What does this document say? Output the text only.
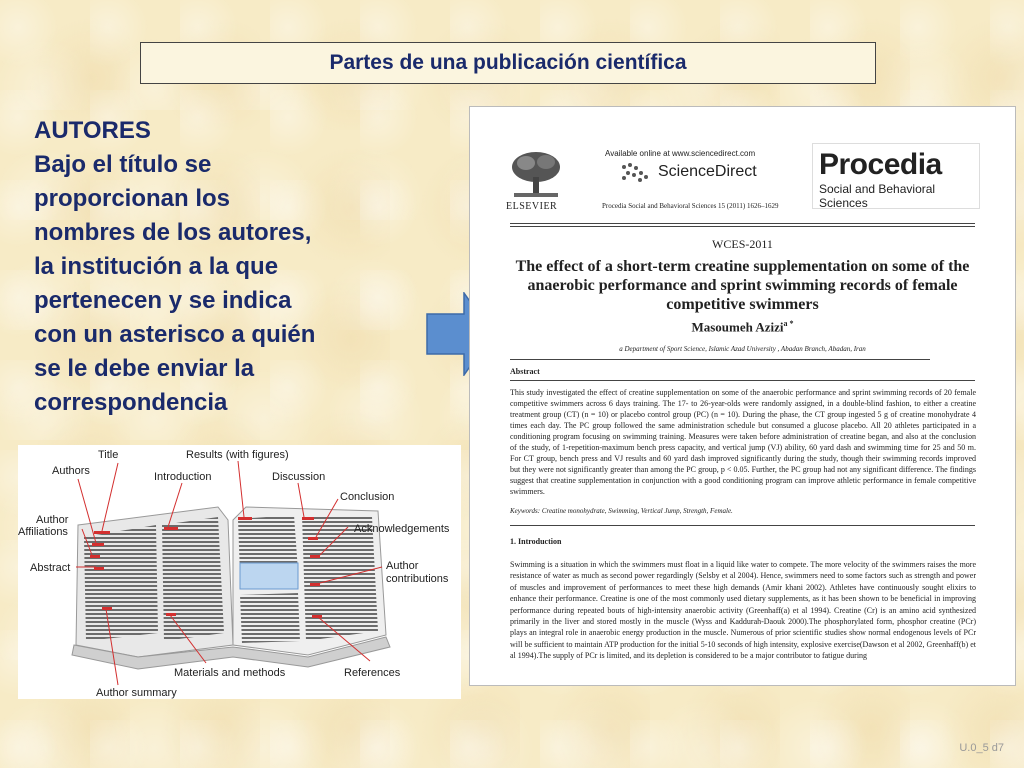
Partes de una publicación científica
AUTORES
Bajo el título se
proporcionan los
nombres de los autores,
la institución a la que
pertenecen y se indica
con un asterisco a quién
se le debe enviar la
correspondencia
ELSEVIER
Available online at www.sciencedirect.com
ScienceDirect
Procedia Social and Behavioral Sciences 15 (2011) 1626–1629
Procedia
Social and Behavioral Sciences
WCES-2011
The effect of a short-term creatine supplementation on some of the anaerobic performance and sprint swimming records of female competitive swimmers
Masoumeh Azizi$^{a *}$
a Department of Sport Science, Islamic Azad University , Abadan Branch, Abadan, Iran
Abstract
This study investigated the effect of creatine supplementation on some of the anaerobic performance and sprint swimming records of 20 female competitive swimmers across 6 days training. The 17- to 26-year-olds were randomly assigned, in a double-blind fashion, to either a creatine treatment group (CT) (n = 10) or placebo control group (PC) (n = 10). During the phase, the CT group ingested 5 g of creatine monohydrate 4 times each day. The PC group followed the same administration schedule but consumed a glucose placebo. All 20 athletes participated in a conditioning program focusing on swimming training. Measures were taken before administration of creatine began, and also at the conclusion of the study, of 1-repetition-maximum bench press capacity, and vertical jump (VJ) ability, 60 yard dash and swimming time for 25 and 50 m. For CT group, bench press and VJ results and 60 yard dash improved significantly during the study, though their swimming records improved but they were not significantly greater than among the PC group, p < 0.05. Further, the PC group had not any significant difference. The findings suggest that creatine supplementation in conjunction with a good conditioning program can improve athletic performance in female competitive swimmers.
Keywords: Creatine monohydrate, Swimming, Vertical Jump, Strength, Female.
1. Introduction
Swimming is a situation in which the swimmers must float in a liquid like water to compete. The more velocity of the swimmers raises the more resistance of water as much as second power regardingly (Selsby et al 2004). Hence, swimmers need to some factors such as strength and power of muscles and improvement of performances to meet these high demands (Amir khani 2002). Athletes have continuously sought elixirs to enhance their performance. Creatine is one of the most commonly used dietary supplements, as it has been shown to be beneficial in improving performance during repeated bouts of high-intensity anaerobic activity (Greenhaff(a) et al 1994). Creatine (Cr) is an amino acid synthesized primarily in the liver and stored mostly in the muscle (Wyss and Kaddurah-Daouk 2000).The phosphorylated form, phosphor creatine (PCr) plays an integral role in anaerobic energy production in the muscle. Numerous of prior scientific studies show normal endogenous levels of PCr will be sufficient to maintain ATP production for the initial 5-10 seconds of high intensity, explosive exercise(Dawson et al 2002, Greenhaff(b) et al 1994).The supply of PCr is limited, and its depletion is considered to be a major contributor to fatigue during
Title
Authors
Author
Affiliations
Abstract
Introduction
Results (with figures)
Discussion
Conclusion
Acknowledgements
Author
contributions
Materials and methods	References
Author summary
U.0_5 d7
